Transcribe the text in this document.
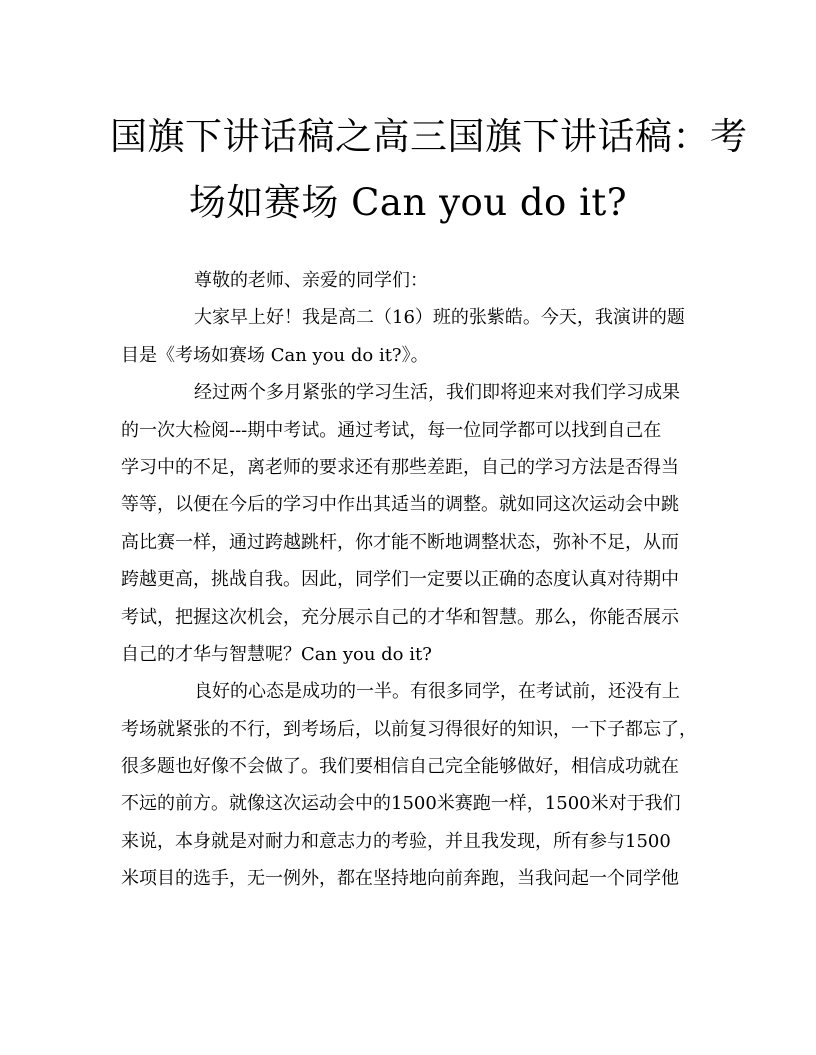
国旗下讲话稿之高三国旗下讲话稿：考
场如赛场 Can you do it?
尊敬的老师、亲爱的同学们：
大家早上好！我是高二（16）班的张紫皓。今天，我演讲的题
目是《考场如赛场 Can you do it?》。
经过两个多月紧张的学习生活，我们即将迎来对我们学习成果
的一次大检阅---期中考试。通过考试，每一位同学都可以找到自己在
学习中的不足，离老师的要求还有那些差距，自己的学习方法是否得当
等等，以便在今后的学习中作出其适当的调整。就如同这次运动会中跳
高比赛一样，通过跨越跳杆，你才能不断地调整状态，弥补不足，从而
跨越更高，挑战自我。因此，同学们一定要以正确的态度认真对待期中
考试，把握这次机会，充分展示自己的才华和智慧。那么，你能否展示
自己的才华与智慧呢？Can you do it?
良好的心态是成功的一半。有很多同学，在考试前，还没有上
考场就紧张的不行，到考场后，以前复习得很好的知识，一下子都忘了，
很多题也好像不会做了。我们要相信自己完全能够做好，相信成功就在
不远的前方。就像这次运动会中的1500米赛跑一样，1500米对于我们
来说，本身就是对耐力和意志力的考验，并且我发现，所有参与1500
米项目的选手，无一例外，都在坚持地向前奔跑，当我问起一个同学他
